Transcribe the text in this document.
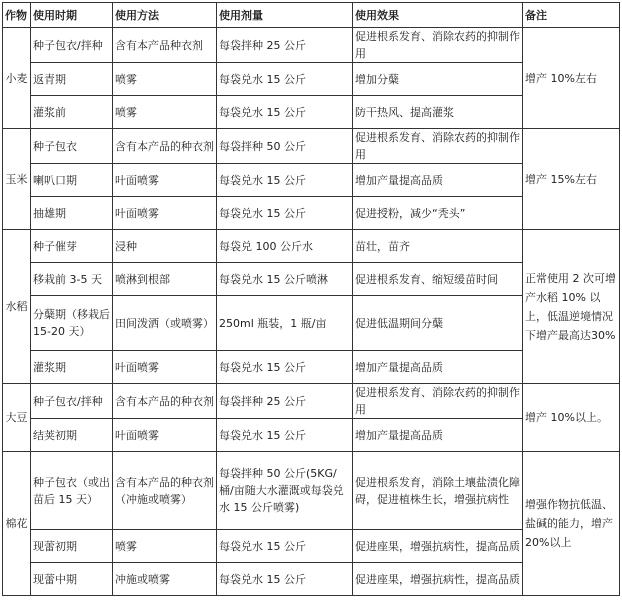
作物	使用时期	使用方法	使用剂量	使用效果	备注
小麦	种子包衣/拌种	含有本产品种衣剂	每袋拌种 25 公斤	促进根系发育、消除农药的抑制作用	增产 10%左右
	返青期	喷雾	每袋兑水 15 公斤	增加分蘖	
	灌浆前	喷雾	每袋兑水 15 公斤	防干热风、提高灌浆	
玉米	种子包衣	含有本产品的种衣剂	每袋拌种 50 公斤	促进根系发育、消除农药的抑制作用	增产 15%左右
	喇叭口期	叶面喷雾	每袋兑水 15 公斤	增加产量提高品质	
	抽雄期	叶面喷雾	每袋兑水 15 公斤	促进授粉，减少“秃头”	
水稻	种子催芽	浸种	每袋兑 100 公斤水	苗壮，苗齐	正常使用 2 次可增产水稻 10% 以上，低温逆境情况下增产最高达30%
	移栽前 3-5 天	喷淋到根部	每袋兑水 15 公斤喷淋	促进根系发育、缩短缓苗时间	
	分蘖期（移栽后 15-20 天）	田间泼洒（或喷雾）	250ml 瓶装，1 瓶/亩	促进低温期间分蘖	
	灌浆期	叶面喷雾	每袋兑水 15 公斤	增加产量提高品质	
大豆	种子包衣/拌种	含有本产品的种衣剂	每袋拌种 25 公斤	促进根系发育、消除农药的抑制作用	增产 10%以上。
	结荚初期	叶面喷雾	每袋兑水 15 公斤	增加产量提高品质	
棉花	种子包衣（或出苗后 15 天）	含有本产品的种衣剂（冲施或喷雾）	每袋拌种 50 公斤(5KG/桶/亩随大水灌溉或每袋兑水 15 公斤喷雾)	促进根系发育，消除土壤盐渍化障碍，促进植株生长，增强抗病性	增强作物抗低温、盐碱的能力，增产 20%以上
	现蕾初期	喷雾	每袋兑水 15 公斤	促进座果，增强抗病性，提高品质	
	现蕾中期	冲施或喷雾	每袋兑水 15 公斤	促进座果，增强抗病性，提高品质	
